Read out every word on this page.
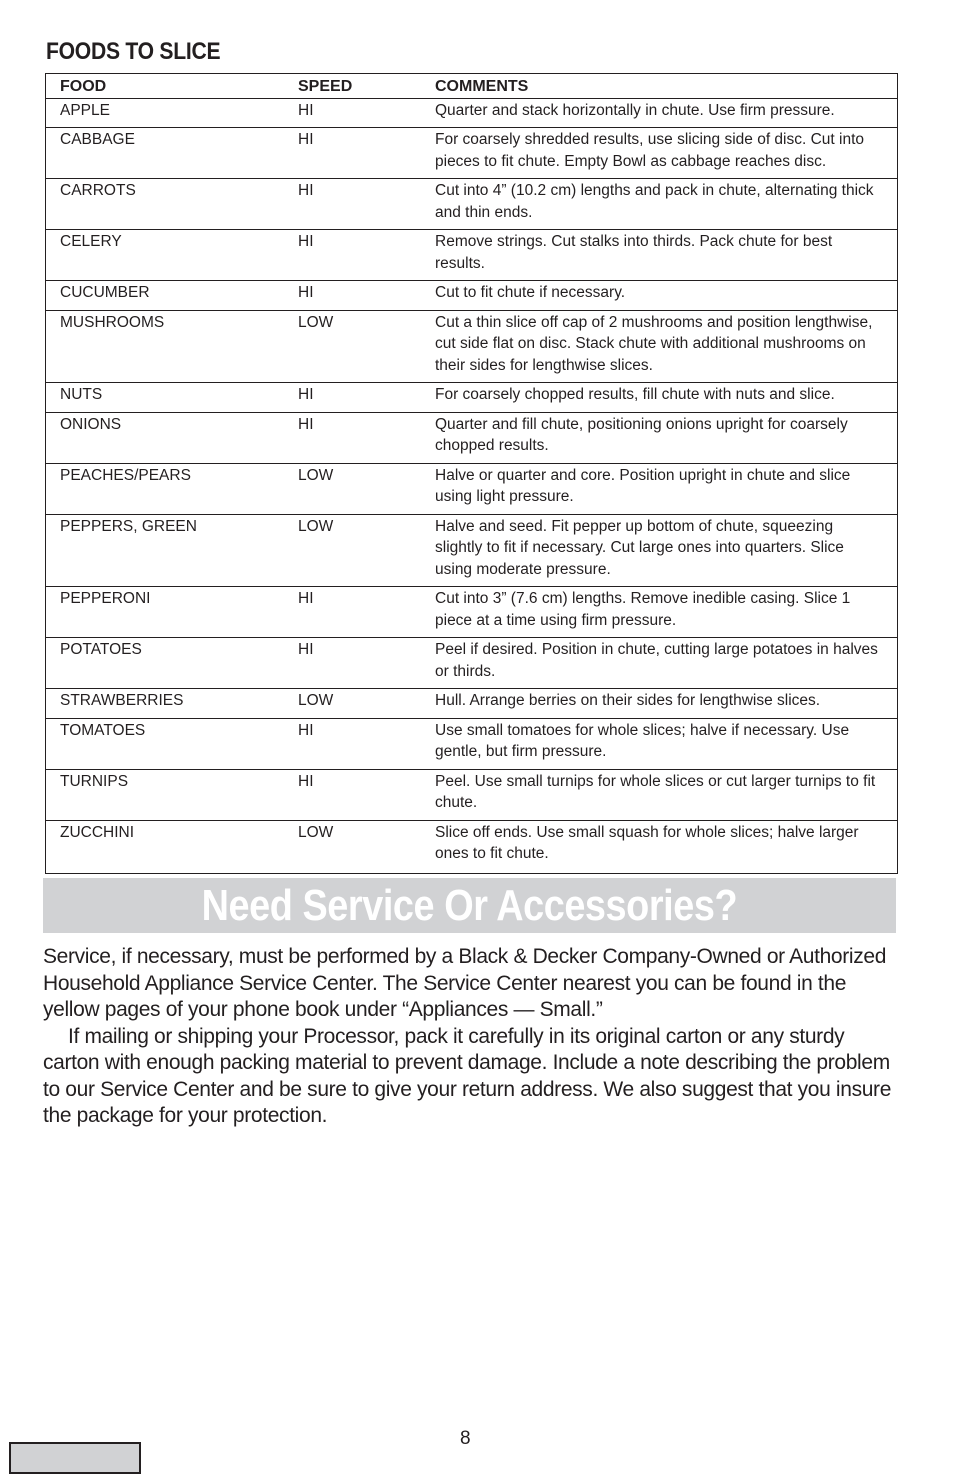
FOODS TO SLICE
FOOD	SPEED	COMMENTS
APPLE	HI	Quarter and stack horizontally in chute. Use firm pressure.
CABBAGE	HI	For coarsely shredded results, use slicing side of disc. Cut into pieces to fit chute. Empty Bowl as cabbage reaches disc.
CARROTS	HI	Cut into 4” (10.2 cm) lengths and pack in chute, alternating thick and thin ends.
CELERY	HI	Remove strings. Cut stalks into thirds. Pack chute for best results.
CUCUMBER	HI	Cut to fit chute if necessary.
MUSHROOMS	LOW	Cut a thin slice off cap of 2 mushrooms and position lengthwise, cut side flat on disc. Stack chute with additional mushrooms on their sides for lengthwise slices.
NUTS	HI	For coarsely chopped results, fill chute with nuts and slice.
ONIONS	HI	Quarter and fill chute, positioning onions upright for coarsely chopped results.
PEACHES/PEARS	LOW	Halve or quarter and core. Position upright in chute and slice using light pressure.
PEPPERS, GREEN	LOW	Halve and seed. Fit pepper up bottom of chute, squeezing slightly to fit if necessary. Cut large ones into quarters. Slice using moderate pressure.
PEPPERONI	HI	Cut into 3” (7.6 cm) lengths. Remove inedible casing. Slice 1 piece at a time using firm pressure.
POTATOES	HI	Peel if desired. Position in chute, cutting large potatoes in halves or thirds.
STRAWBERRIES	LOW	Hull. Arrange berries on their sides for lengthwise slices.
TOMATOES	HI	Use small tomatoes for whole slices; halve if necessary. Use gentle, but firm pressure.
TURNIPS	HI	Peel. Use small turnips for whole slices or cut larger turnips to fit chute.
ZUCCHINI	LOW	Slice off ends. Use small squash for whole slices; halve larger ones to fit chute.
Need Service Or Accessories?

Service, if necessary, must be performed by a Black & Decker Company-Owned or Authorized Household Appliance Service Center. The Service Center nearest you can be found in the yellow pages of your phone book under “Appliances — Small.”

If mailing or shipping your Processor, pack it carefully in its original carton or any sturdy carton with enough packing material to prevent damage. Include a note describing the problem to our Service Center and be sure to give your return address. We also suggest that you insure the package for your protection.

8
